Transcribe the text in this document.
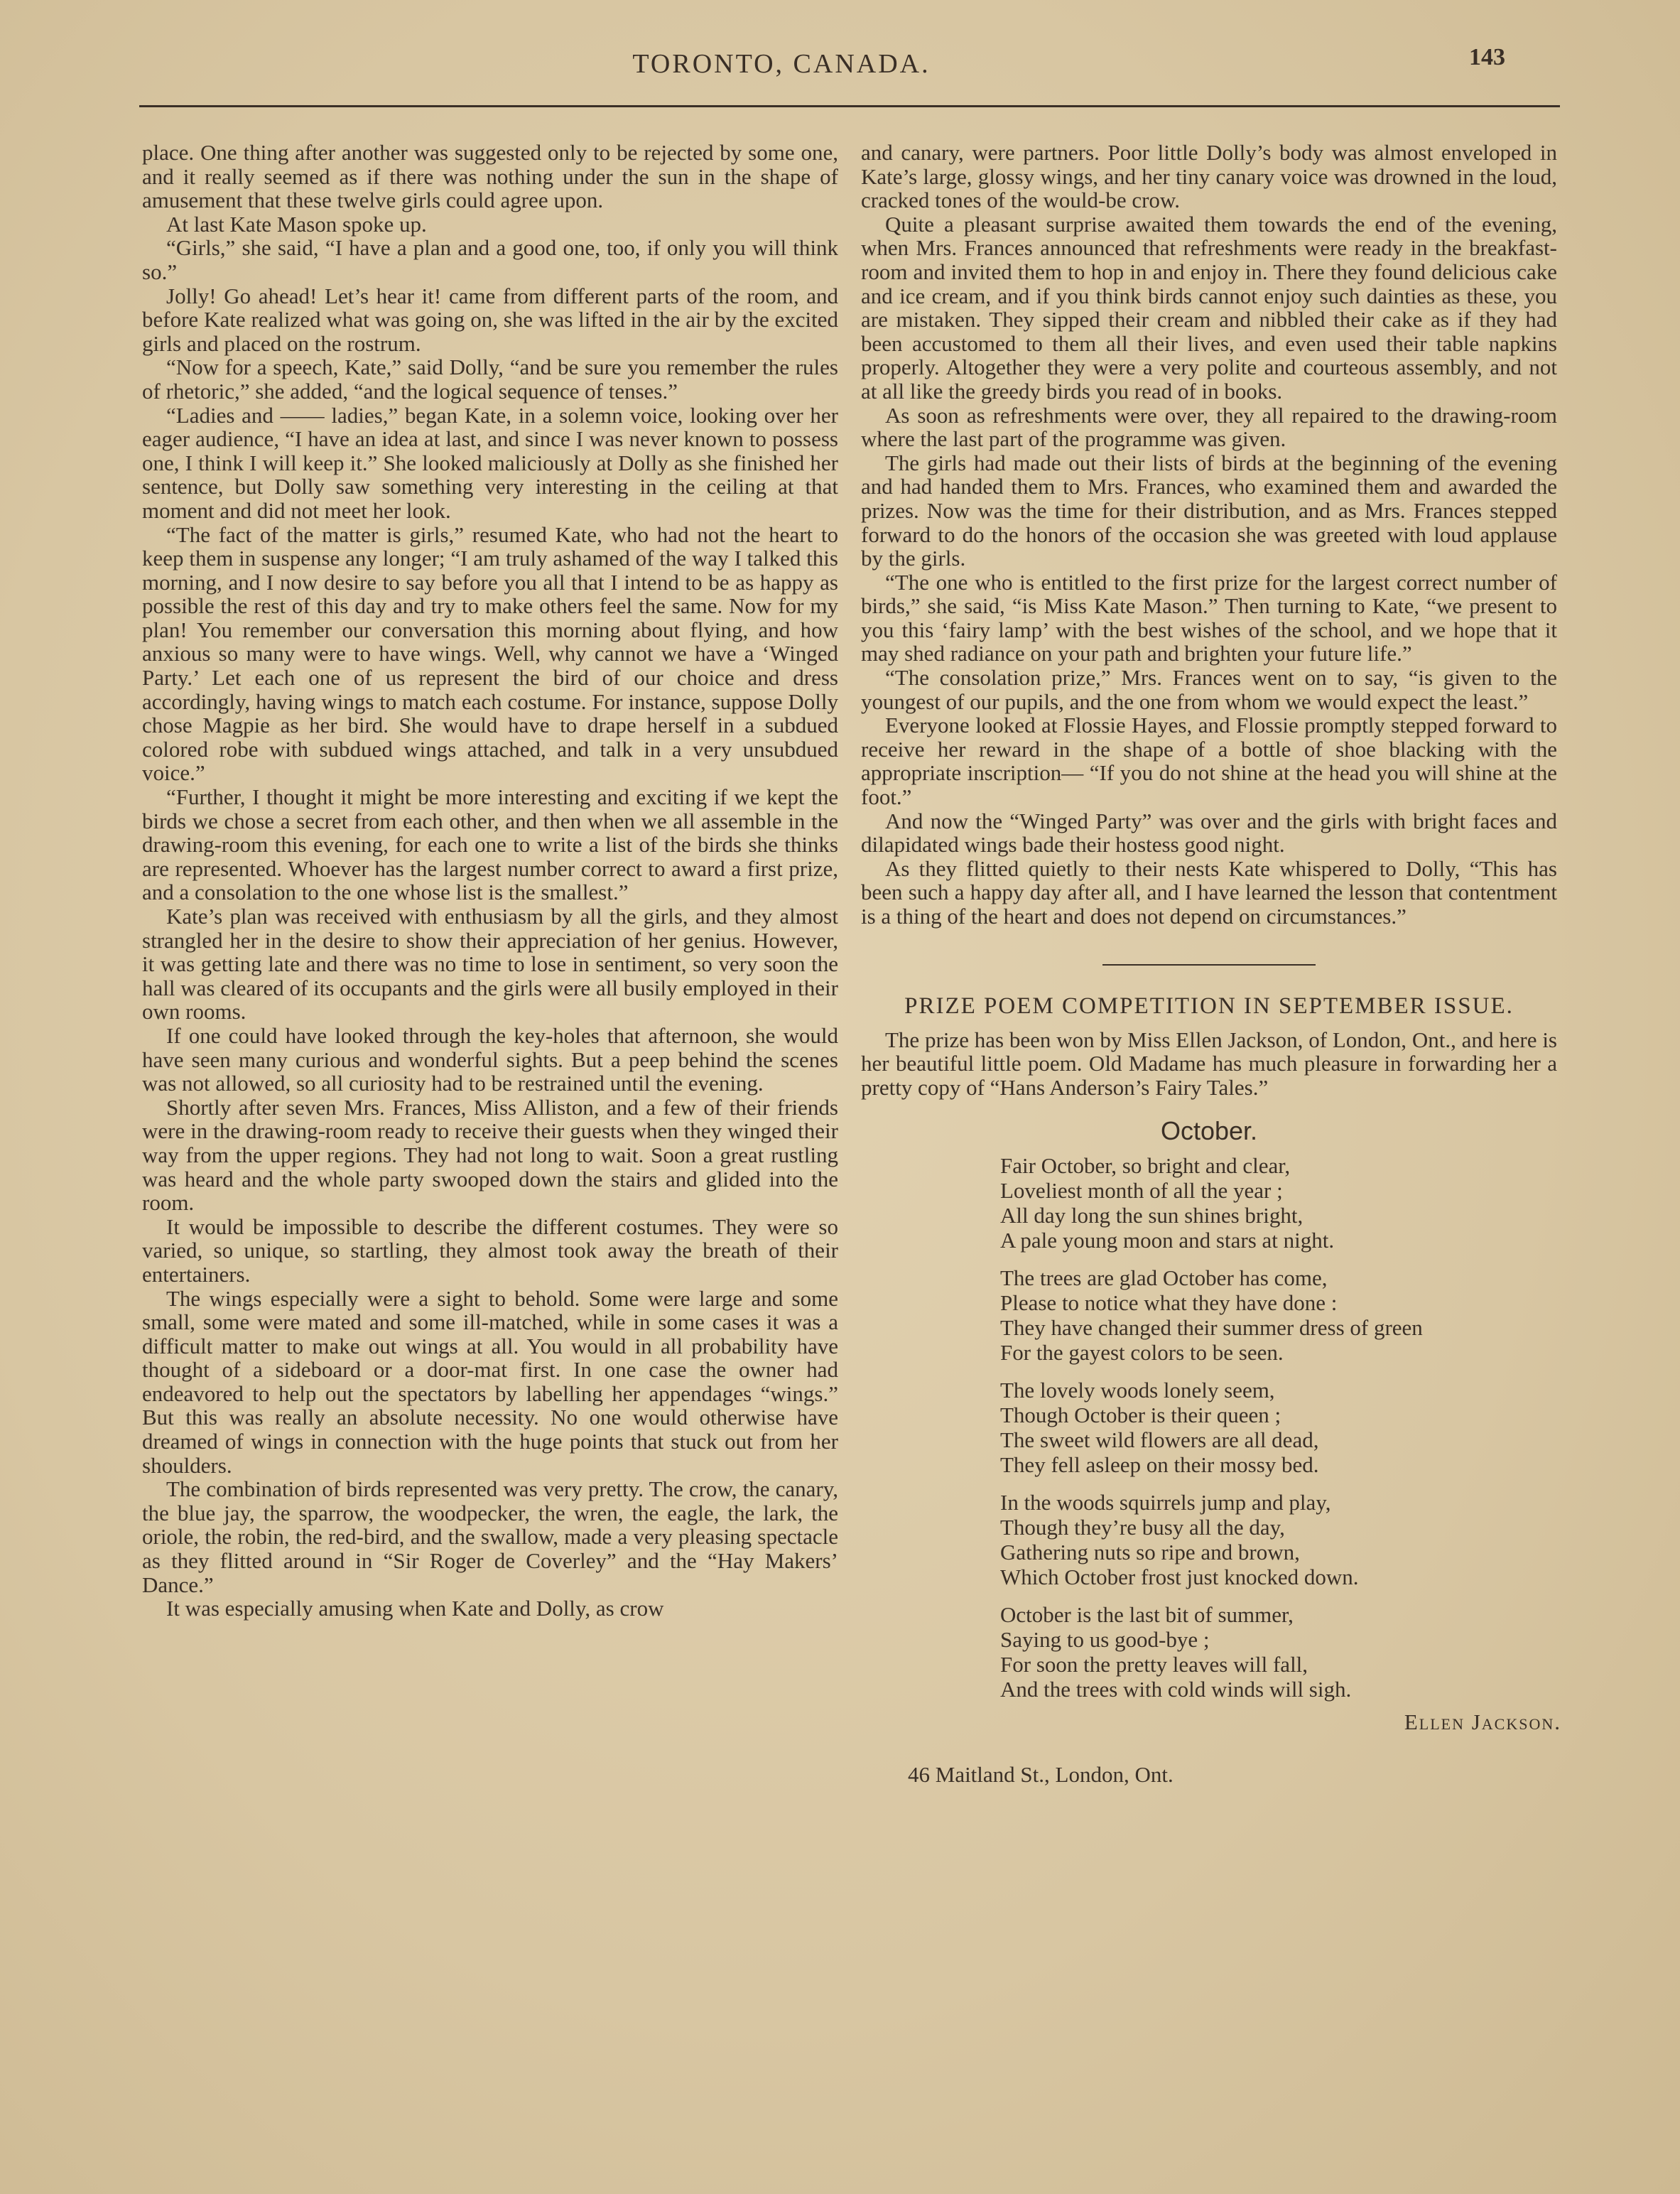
TORONTO, CANADA.	143

place. One thing after another was suggested only to be rejected by some one, and it really seemed as if there was nothing under the sun in the shape of amusement that these twelve girls could agree upon.

At last Kate Mason spoke up.

“Girls,” she said, “I have a plan and a good one, too, if only you will think so.”

Jolly! Go ahead! Let’s hear it! came from different parts of the room, and before Kate realized what was going on, she was lifted in the air by the excited girls and placed on the rostrum.

“Now for a speech, Kate,” said Dolly, “and be sure you remember the rules of rhetoric,” she added, “and the logical sequence of tenses.”

“Ladies and —— ladies,” began Kate, in a solemn voice, looking over her eager audience, “I have an idea at last, and since I was never known to possess one, I think I will keep it.” She looked maliciously at Dolly as she finished her sentence, but Dolly saw something very interesting in the ceiling at that moment and did not meet her look.

“The fact of the matter is girls,” resumed Kate, who had not the heart to keep them in suspense any longer; “I am truly ashamed of the way I talked this morning, and I now desire to say before you all that I intend to be as happy as possible the rest of this day and try to make others feel the same. Now for my plan! You remember our conversation this morning about flying, and how anxious so many were to have wings. Well, why cannot we have a ‘Winged Party.’ Let each one of us represent the bird of our choice and dress accordingly, having wings to match each costume. For instance, suppose Dolly chose Magpie as her bird. She would have to drape herself in a subdued colored robe with subdued wings attached, and talk in a very unsubdued voice.”

“Further, I thought it might be more interesting and exciting if we kept the birds we chose a secret from each other, and then when we all assemble in the drawing-room this evening, for each one to write a list of the birds she thinks are represented. Whoever has the largest number correct to award a first prize, and a consolation to the one whose list is the smallest.”

Kate’s plan was received with enthusiasm by all the girls, and they almost strangled her in the desire to show their appreciation of her genius. However, it was getting late and there was no time to lose in sentiment, so very soon the hall was cleared of its occupants and the girls were all busily employed in their own rooms.

If one could have looked through the key-holes that afternoon, she would have seen many curious and wonderful sights. But a peep behind the scenes was not allowed, so all curiosity had to be restrained until the evening.

Shortly after seven Mrs. Frances, Miss Alliston, and a few of their friends were in the drawing-room ready to receive their guests when they winged their way from the upper regions. They had not long to wait. Soon a great rustling was heard and the whole party swooped down the stairs and glided into the room.

It would be impossible to describe the different costumes. They were so varied, so unique, so startling, they almost took away the breath of their entertainers.

The wings especially were a sight to behold. Some were large and some small, some were mated and some ill-matched, while in some cases it was a difficult matter to make out wings at all. You would in all probability have thought of a sideboard or a door-mat first. In one case the owner had endeavored to help out the spectators by labelling her appendages “wings.” But this was really an absolute necessity. No one would otherwise have dreamed of wings in connection with the huge points that stuck out from her shoulders.

The combination of birds represented was very pretty. The crow, the canary, the blue jay, the sparrow, the woodpecker, the wren, the eagle, the lark, the oriole, the robin, the red-bird, and the swallow, made a very pleasing spectacle as they flitted around in “Sir Roger de Coverley” and the “Hay Makers’ Dance.”

It was especially amusing when Kate and Dolly, as crow

and canary, were partners. Poor little Dolly’s body was almost enveloped in Kate’s large, glossy wings, and her tiny canary voice was drowned in the loud, cracked tones of the would-be crow.

Quite a pleasant surprise awaited them towards the end of the evening, when Mrs. Frances announced that refreshments were ready in the breakfast-room and invited them to hop in and enjoy in. There they found delicious cake and ice cream, and if you think birds cannot enjoy such dainties as these, you are mistaken. They sipped their cream and nibbled their cake as if they had been accustomed to them all their lives, and even used their table napkins properly. Altogether they were a very polite and courteous assembly, and not at all like the greedy birds you read of in books.

As soon as refreshments were over, they all repaired to the drawing-room where the last part of the programme was given.

The girls had made out their lists of birds at the beginning of the evening and had handed them to Mrs. Frances, who examined them and awarded the prizes. Now was the time for their distribution, and as Mrs. Frances stepped forward to do the honors of the occasion she was greeted with loud applause by the girls.

“The one who is entitled to the first prize for the largest correct number of birds,” she said, “is Miss Kate Mason.” Then turning to Kate, “we present to you this ‘fairy lamp’ with the best wishes of the school, and we hope that it may shed radiance on your path and brighten your future life.”

“The consolation prize,” Mrs. Frances went on to say, “is given to the youngest of our pupils, and the one from whom we would expect the least.”

Everyone looked at Flossie Hayes, and Flossie promptly stepped forward to receive her reward in the shape of a bottle of shoe blacking with the appropriate inscription— “If you do not shine at the head you will shine at the foot.”

And now the “Winged Party” was over and the girls with bright faces and dilapidated wings bade their hostess good night.

As they flitted quietly to their nests Kate whispered to Dolly, “This has been such a happy day after all, and I have learned the lesson that contentment is a thing of the heart and does not depend on circumstances.”

PRIZE POEM COMPETITION IN SEPTEMBER ISSUE.

The prize has been won by Miss Ellen Jackson, of London, Ont., and here is her beautiful little poem. Old Madame has much pleasure in forwarding her a pretty copy of “Hans Anderson’s Fairy Tales.”

October.
Fair October, so bright and clear,
Loveliest month of all the year ;
All day long the sun shines bright,
A pale young moon and stars at night.
The trees are glad October has come,
Please to notice what they have done :
They have changed their summer dress of green
For the gayest colors to be seen.
The lovely woods lonely seem,
Though October is their queen ;
The sweet wild flowers are all dead,
They fell asleep on their mossy bed.
In the woods squirrels jump and play,
Though they’re busy all the day,
Gathering nuts so ripe and brown,
Which October frost just knocked down.
October is the last bit of summer,
Saying to us good-bye ;
For soon the pretty leaves will fall,
And the trees with cold winds will sigh.
Ellen Jackson.
46 Maitland St., London, Ont.
